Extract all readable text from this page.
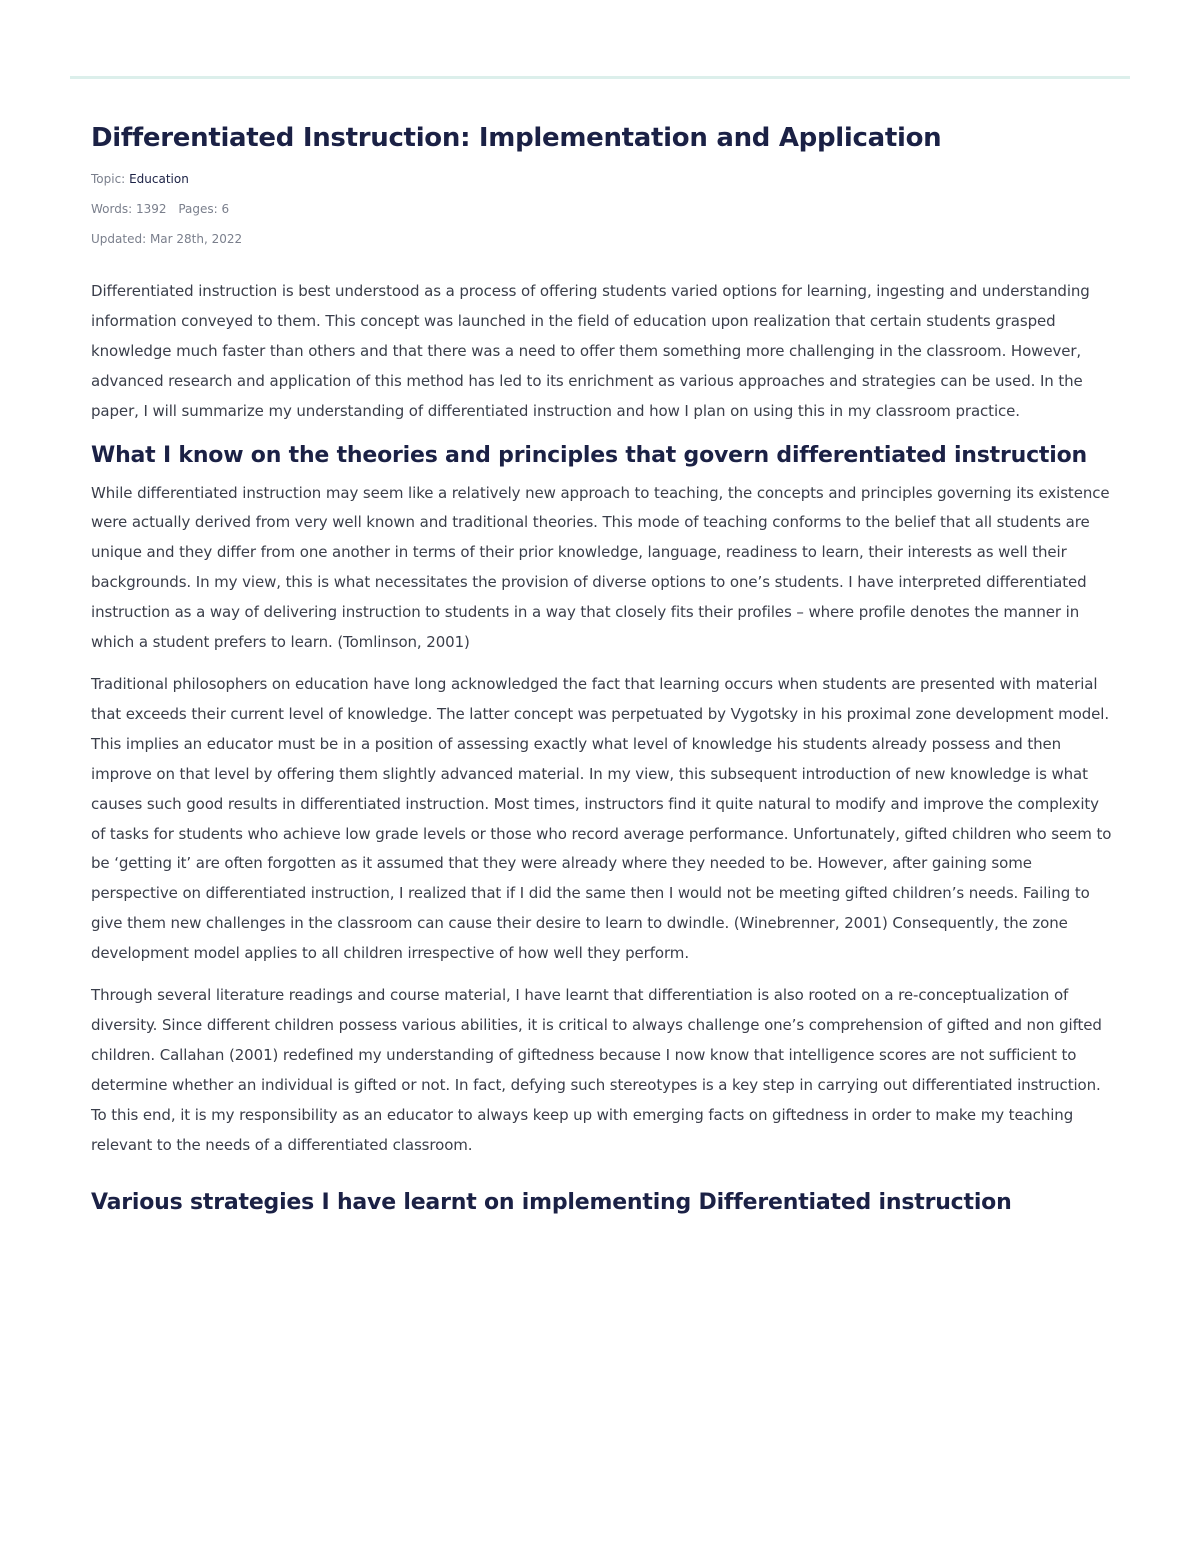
Differentiated Instruction: Implementation and Application
Topic: Education
Words: 1392 Pages: 6
Updated: Mar 28th, 2022

Differentiated instruction is best understood as a process of offering students varied options for learning, ingesting and understanding information conveyed to them. This concept was launched in the field of education upon realization that certain students grasped knowledge much faster than others and that there was a need to offer them something more challenging in the classroom. However, advanced research and application of this method has led to its enrichment as various approaches and strategies can be used. In the paper, I will summarize my understanding of differentiated instruction and how I plan on using this in my classroom practice.

What I know on the theories and principles that govern differentiated instruction

While differentiated instruction may seem like a relatively new approach to teaching, the concepts and principles governing its existence were actually derived from very well known and traditional theories. This mode of teaching conforms to the belief that all students are unique and they differ from one another in terms of their prior knowledge, language, readiness to learn, their interests as well their backgrounds. In my view, this is what necessitates the provision of diverse options to one’s students. I have interpreted differentiated instruction as a way of delivering instruction to students in a way that closely fits their profiles – where profile denotes the manner in which a student prefers to learn. (Tomlinson, 2001)

Traditional philosophers on education have long acknowledged the fact that learning occurs when students are presented with material that exceeds their current level of knowledge. The latter concept was perpetuated by Vygotsky in his proximal zone development model. This implies an educator must be in a position of assessing exactly what level of knowledge his students already possess and then improve on that level by offering them slightly advanced material. In my view, this subsequent introduction of new knowledge is what causes such good results in differentiated instruction. Most times, instructors find it quite natural to modify and improve the complexity of tasks for students who achieve low grade levels or those who record average performance. Unfortunately, gifted children who seem to be ‘getting it’ are often forgotten as it assumed that they were already where they needed to be. However, after gaining some perspective on differentiated instruction, I realized that if I did the same then I would not be meeting gifted children’s needs. Failing to give them new challenges in the classroom can cause their desire to learn to dwindle. (Winebrenner, 2001) Consequently, the zone development model applies to all children irrespective of how well they perform.

Through several literature readings and course material, I have learnt that differentiation is also rooted on a re-conceptualization of diversity. Since different children possess various abilities, it is critical to always challenge one’s comprehension of gifted and non gifted children. Callahan (2001) redefined my understanding of giftedness because I now know that intelligence scores are not sufficient to determine whether an individual is gifted or not. In fact, defying such stereotypes is a key step in carrying out differentiated instruction. To this end, it is my responsibility as an educator to always keep up with emerging facts on giftedness in order to make my teaching relevant to the needs of a differentiated classroom.

Various strategies I have learnt on implementing Differentiated instruction
